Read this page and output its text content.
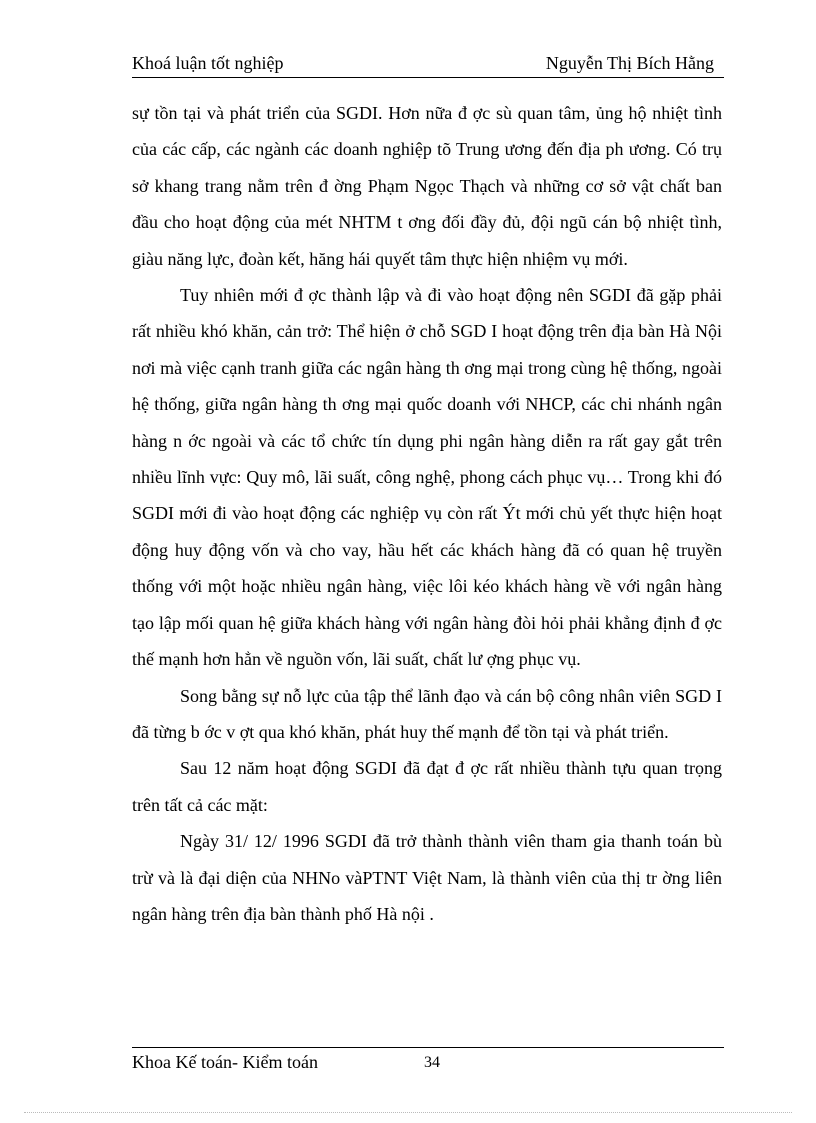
Khoá luận tốt nghiệp	Nguyễn Thị Bích Hằng

sự tồn tại và phát triển của SGDI. Hơn nữa đ ợc sù quan tâm, ủng hộ nhiệt tình của các cấp, các ngành các doanh nghiệp tõ Trung ương đến địa ph ương. Có trụ sở khang trang nằm trên đ ờng Phạm Ngọc Thạch và những cơ sở vật chất ban đầu cho hoạt động của mét NHTM t ơng đối đầy đủ, đội ngũ cán bộ nhiệt tình, giàu năng lực, đoàn kết, hăng hái quyết tâm thực hiện nhiệm vụ mới.

Tuy nhiên mới đ ợc thành lập và đi vào hoạt động nên SGDI đã gặp phải rất nhiều khó khăn, cản trở: Thể hiện ở chỗ SGD I hoạt động trên địa bàn Hà Nội nơi mà việc cạnh tranh giữa các ngân hàng th ơng mại trong cùng hệ thống, ngoài hệ thống, giữa ngân hàng th ơng mại quốc doanh với NHCP, các chi nhánh ngân hàng n ớc ngoài và các tổ chức tín dụng phi ngân hàng diễn ra rất gay gắt trên nhiều lĩnh vực: Quy mô, lãi suất, công nghệ, phong cách phục vụ… Trong khi đó SGDI mới đi vào hoạt động các nghiệp vụ còn rất Ýt mới chủ yết thực hiện hoạt động huy động vốn và cho vay, hầu hết các khách hàng đã có quan hệ truyền thống với một hoặc nhiều ngân hàng, việc lôi kéo khách hàng về với ngân hàng tạo lập mối quan hệ giữa khách hàng với ngân hàng đòi hỏi phải khẳng định đ ợc thế mạnh hơn hẳn về nguồn vốn, lãi suất, chất lư ợng phục vụ.

Song bằng sự nỗ lực của tập thể lãnh đạo và cán bộ công nhân viên SGD I đã từng b ớc v ợt qua khó khăn, phát huy thế mạnh để tồn tại và phát triển.

Sau 12 năm hoạt động SGDI đã đạt đ ợc rất nhiều thành tựu quan trọng trên tất cả các mặt:

Ngày 31/ 12/ 1996 SGDI đã trở thành thành viên tham gia thanh toán bù trừ và là đại diện của NHNo vàPTNT Việt Nam, là thành viên của thị tr ờng liên ngân hàng trên địa bàn thành phố Hà nội .

Khoa Kế toán- Kiểm toán	34
